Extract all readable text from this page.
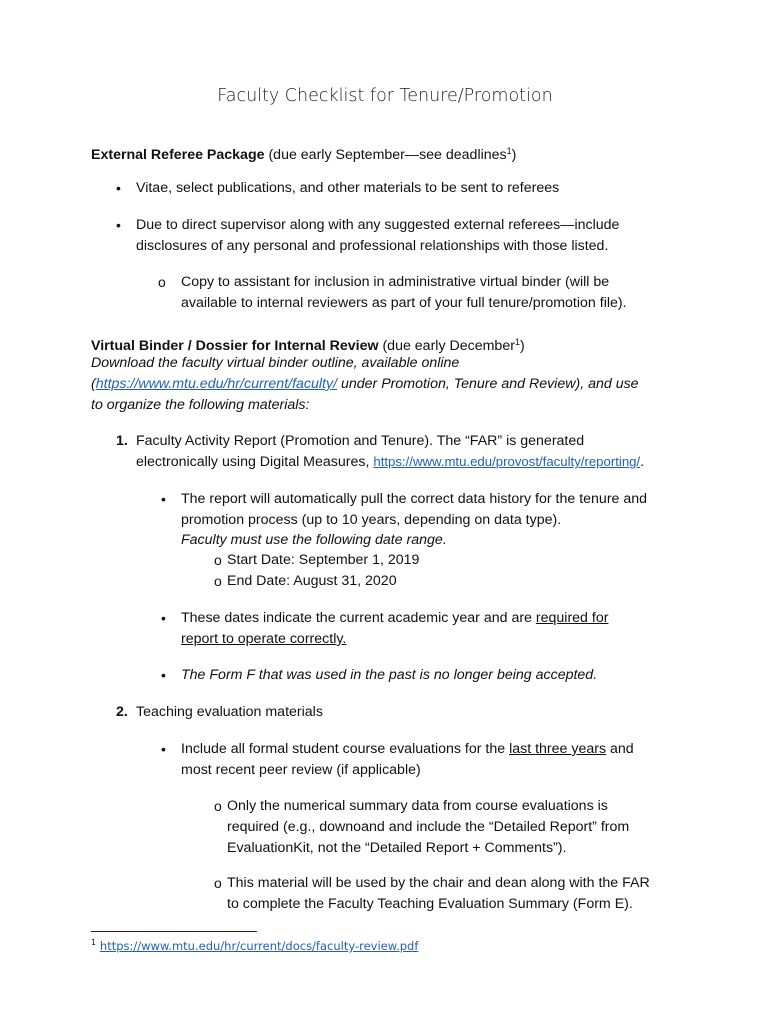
Faculty Checklist for Tenure/Promotion
External Referee Package (due early September—see deadlines$^1$)
• Vitae, select publications, and other materials to be sent to referees
• Due to direct supervisor along with any suggested external referees—include
disclosures of any personal and professional relationships with those listed.
o Copy to assistant for inclusion in administrative virtual binder (will be
available to internal reviewers as part of your full tenure/promotion file).
Virtual Binder / Dossier for Internal Review (due early December$^1$)
Download the faculty virtual binder outline, available online
(https://www.mtu.edu/hr/current/faculty/ under Promotion, Tenure and Review), and use
to organize the following materials:
1. Faculty Activity Report (Promotion and Tenure). The “FAR” is generated
electronically using Digital Measures, https://www.mtu.edu/provost/faculty/reporting/.
• The report will automatically pull the correct data history for the tenure and
promotion process (up to 10 years, depending on data type).
Faculty must use the following date range.
o Start Date: September 1, 2019
o End Date: August 31, 2020
• These dates indicate the current academic year and are required for
report to operate correctly.
• The Form F that was used in the past is no longer being accepted.
2. Teaching evaluation materials
• Include all formal student course evaluations for the last three years and
most recent peer review (if applicable)
o Only the numerical summary data from course evaluations is
required (e.g., downoand and include the “Detailed Report” from
EvaluationKit, not the “Detailed Report + Comments”).
o This material will be used by the chair and dean along with the FAR
to complete the Faculty Teaching Evaluation Summary (Form E).
$^1$ https://www.mtu.edu/hr/current/docs/faculty-review.pdf
